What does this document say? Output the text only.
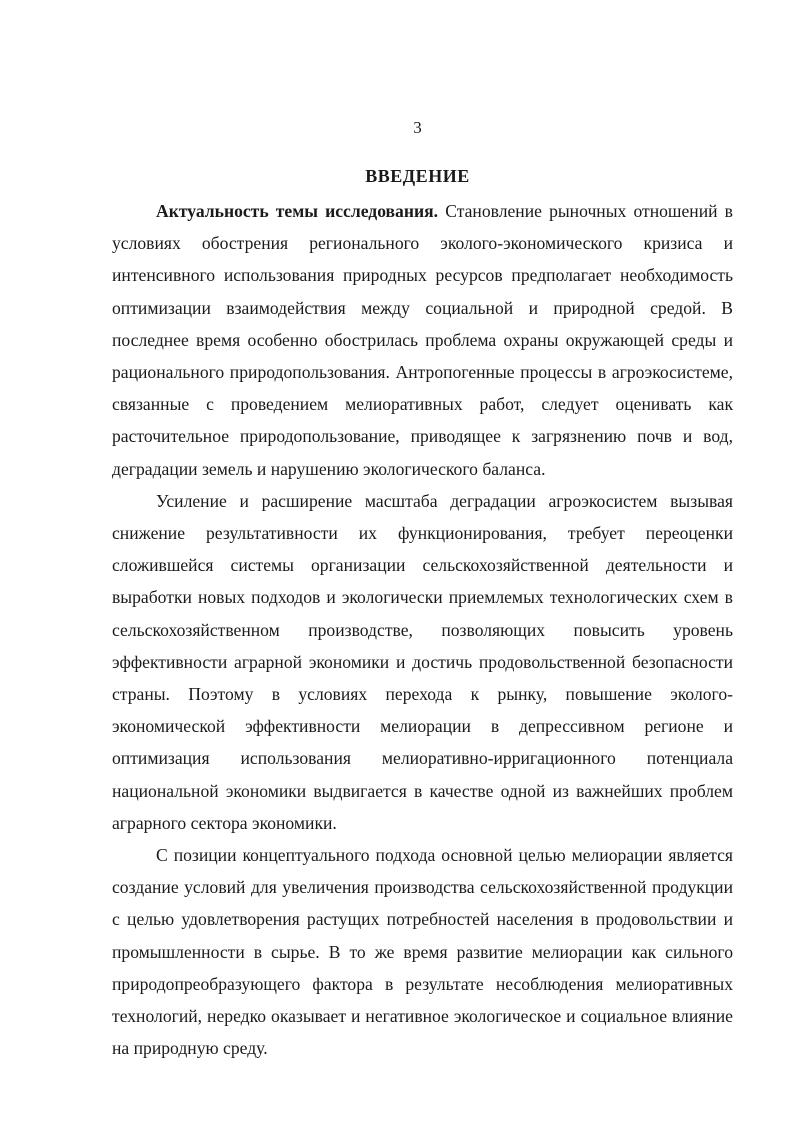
3
ВВЕДЕНИЕ

Актуальность темы исследования. Становление рыночных отношений в условиях обострения регионального эколого-экономического кризиса и интенсивного использования природных ресурсов предполагает необходимость оптимизации взаимодействия между социальной и природной средой. В последнее время особенно обострилась проблема охраны окружающей среды и рационального природопользования. Антропогенные процессы в агроэкосистеме, связанные с проведением мелиоративных работ, следует оценивать как расточительное природопользование, приводящее к загрязнению почв и вод, деградации земель и нарушению экологического баланса.

Усиление и расширение масштаба деградации агроэкосистем вызывая снижение результативности их функционирования, требует переоценки сложившейся системы организации сельскохозяйственной деятельности и выработки новых подходов и экологически приемлемых технологических схем в сельскохозяйственном производстве, позволяющих повысить уровень эффективности аграрной экономики и достичь продовольственной безопасности страны. Поэтому в условиях перехода к рынку, повышение эколого-экономической эффективности мелиорации в депрессивном регионе и оптимизация использования мелиоративно-ирригационного потенциала национальной экономики выдвигается в качестве одной из важнейших проблем аграрного сектора экономики.

С позиции концептуального подхода основной целью мелиорации является создание условий для увеличения производства сельскохозяйственной продукции с целью удовлетворения растущих потребностей населения в продовольствии и промышленности в сырье. В то же время развитие мелиорации как сильного природопреобразующего фактора в результате несоблюдения мелиоративных технологий, нередко оказывает и негативное экологическое и социальное влияние на природную среду.
